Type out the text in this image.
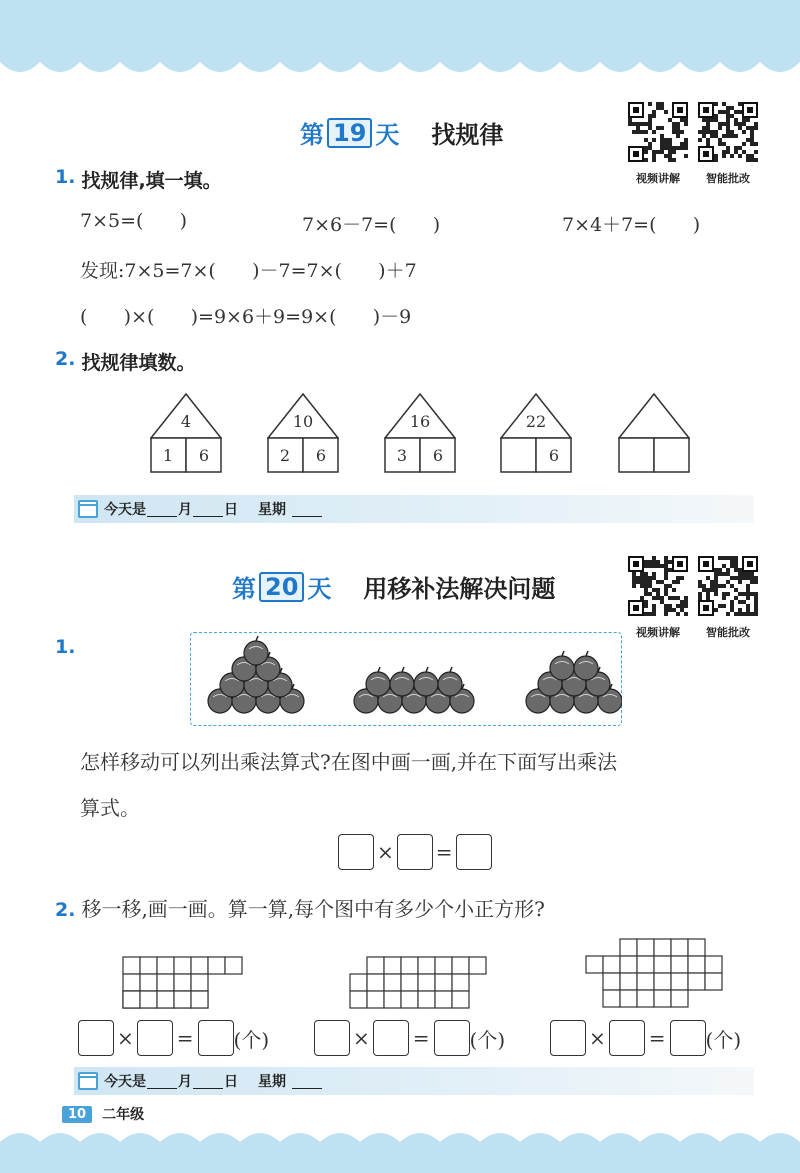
第 19 天 找规律
视频讲解	智能批改
1. 找规律,填一填。
7×5=(      )	7×6－7=(      )	7×4＋7=(      )
发现:7×5=7×(      )－7=7×(      )＋7
(      )×(      )=9×6＋9=9×(      )－9
2. 找规律填数。
4
1 6
10
2 6
16
3 6
22
6
今天是 月 日 星期
第 20 天 用移补法解决问题
视频讲解	智能批改
1.
怎样移动可以列出乘法算式?在图中画一画,并在下面写出乘法
算式。
× =
2. 移一移,画一画。算一算,每个图中有多少个小正方形?
× = (个)	× = (个)	× = (个)
今天是 月 日 星期
10	二年级
